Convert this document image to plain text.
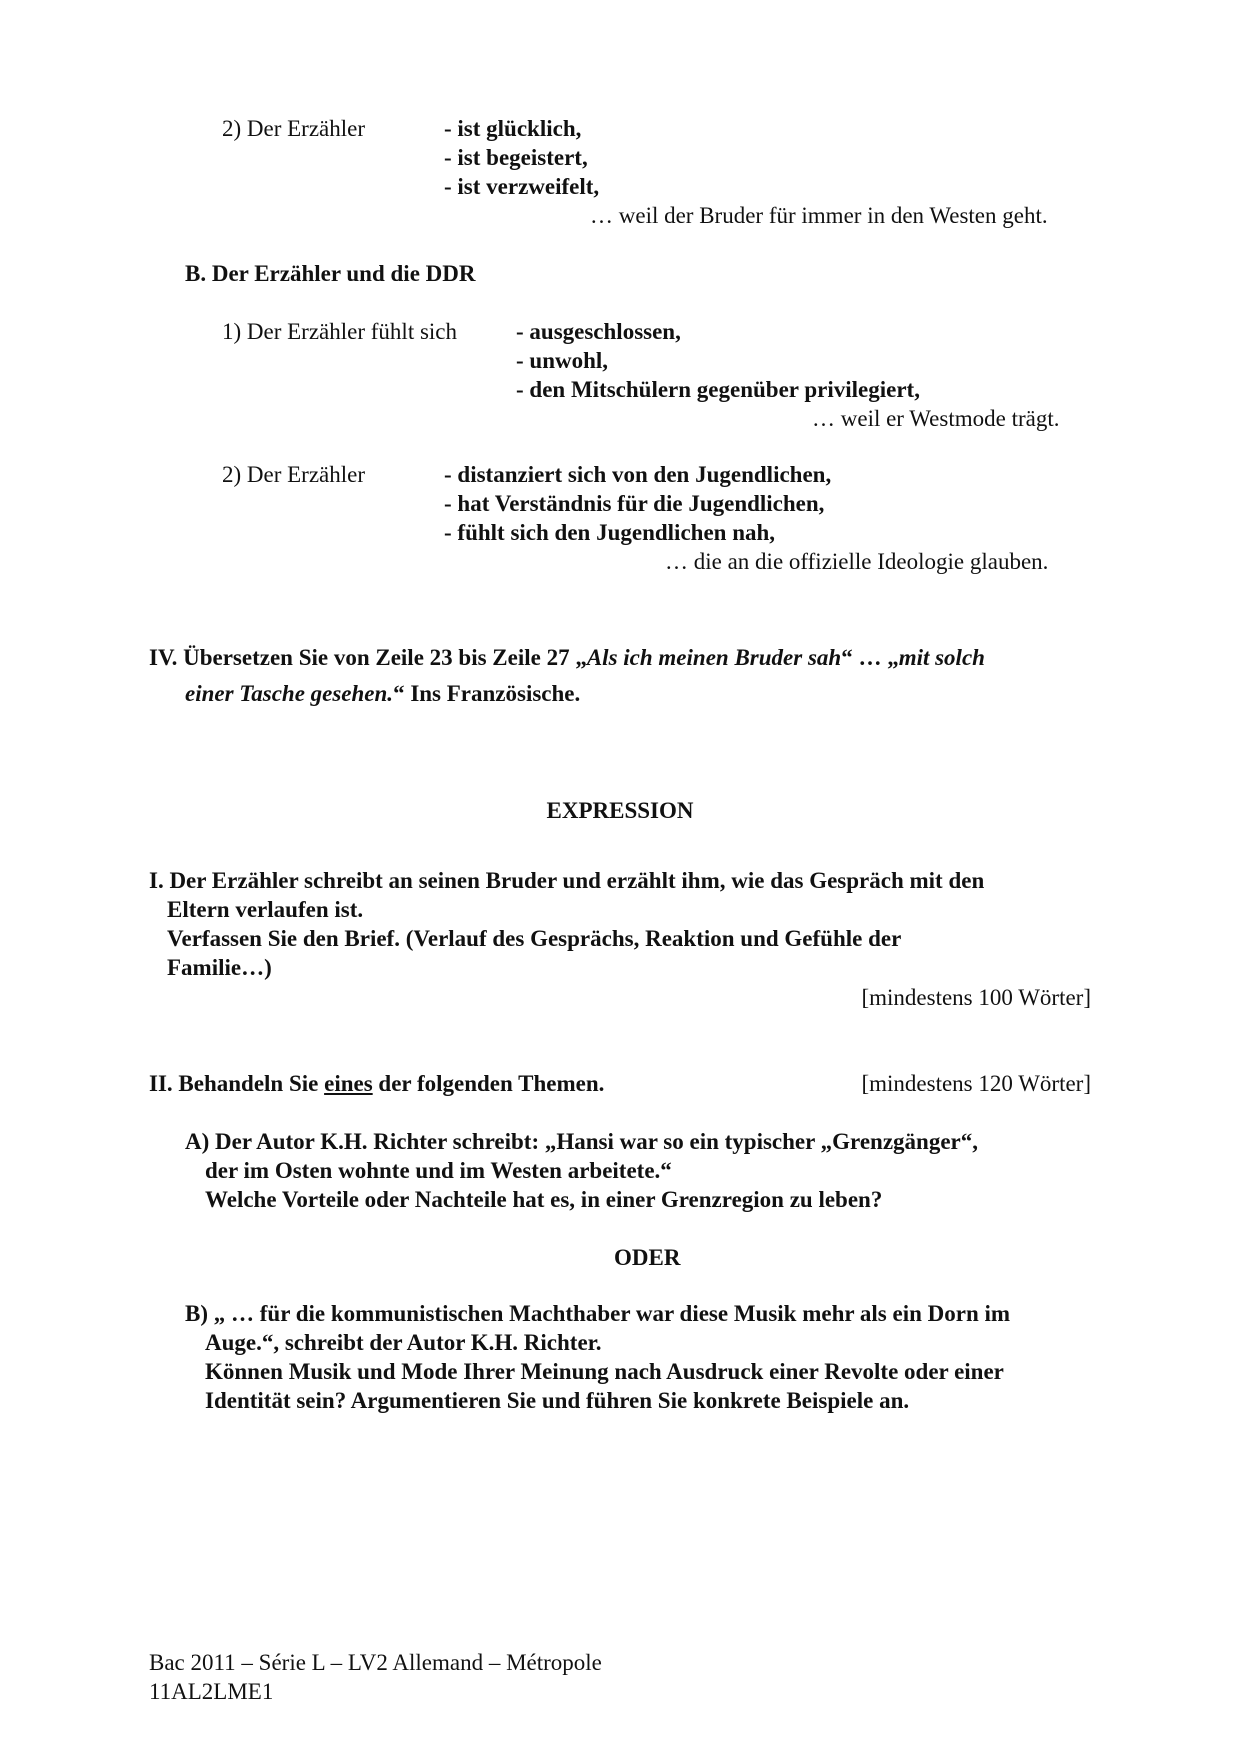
2) Der Erzähler	- ist glücklich,
- ist begeistert,
- ist verzweifelt,
… weil der Bruder für immer in den Westen geht.
B. Der Erzähler und die DDR
1) Der Erzähler fühlt sich	- ausgeschlossen,
- unwohl,
- den Mitschülern gegenüber privilegiert,
… weil er Westmode trägt.
2) Der Erzähler	- distanziert sich von den Jugendlichen,
- hat Verständnis für die Jugendlichen,
- fühlt sich den Jugendlichen nah,
… die an die offizielle Ideologie glauben.
IV. Übersetzen Sie von Zeile 23 bis Zeile 27 „Als ich meinen Bruder sah“ … „mit solch
einer Tasche gesehen.“ Ins Französische.
EXPRESSION
I. Der Erzähler schreibt an seinen Bruder und erzählt ihm, wie das Gespräch mit den
Eltern verlaufen ist.
Verfassen Sie den Brief. (Verlauf des Gesprächs, Reaktion und Gefühle der
Familie…)
[mindestens 100 Wörter]
II. Behandeln Sie eines der folgenden Themen.	[mindestens 120 Wörter]
A) Der Autor K.H. Richter schreibt: „Hansi war so ein typischer „Grenzgänger“,
der im Osten wohnte und im Westen arbeitete.“
Welche Vorteile oder Nachteile hat es, in einer Grenzregion zu leben?
ODER
B) „ … für die kommunistischen Machthaber war diese Musik mehr als ein Dorn im
Auge.“, schreibt der Autor K.H. Richter.
Können Musik und Mode Ihrer Meinung nach Ausdruck einer Revolte oder einer
Identität sein? Argumentieren Sie und führen Sie konkrete Beispiele an.
Bac 2011 – Série L – LV2 Allemand – Métropole
11AL2LME1
